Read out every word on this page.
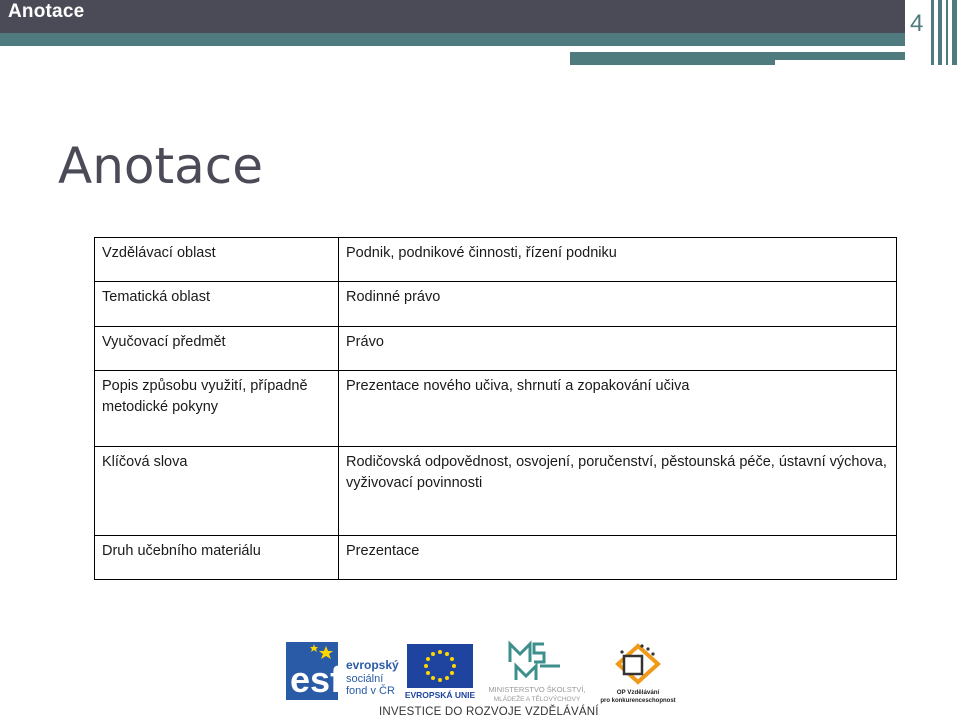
Anotace	4
Anotace
Vzdělávací oblast	Podnik, podnikové činnosti, řízení podniku
Tematická oblast	Rodinné právo
Vyučovací předmět	Právo
Popis způsobu využití, případně metodické pokyny	Prezentace nového učiva, shrnutí a zopakování učiva
Klíčová slova	Rodičovská odpovědnost, osvojení, poručenství, pěstounská péče, ústavní výchova, vyživovací povinnosti
Druh učebního materiálu	Prezentace
esf evropský
sociální
fond v ČR EVROPSKÁ UNIE
MINISTERSTVO ŠKOLSTVÍ,
MLÁDEŽE A TĚLOVÝCHOVY
OP Vzdělávání
pro konkurenceschopnost
INVESTICE DO ROZVOJE VZDĚLÁVÁNÍ
